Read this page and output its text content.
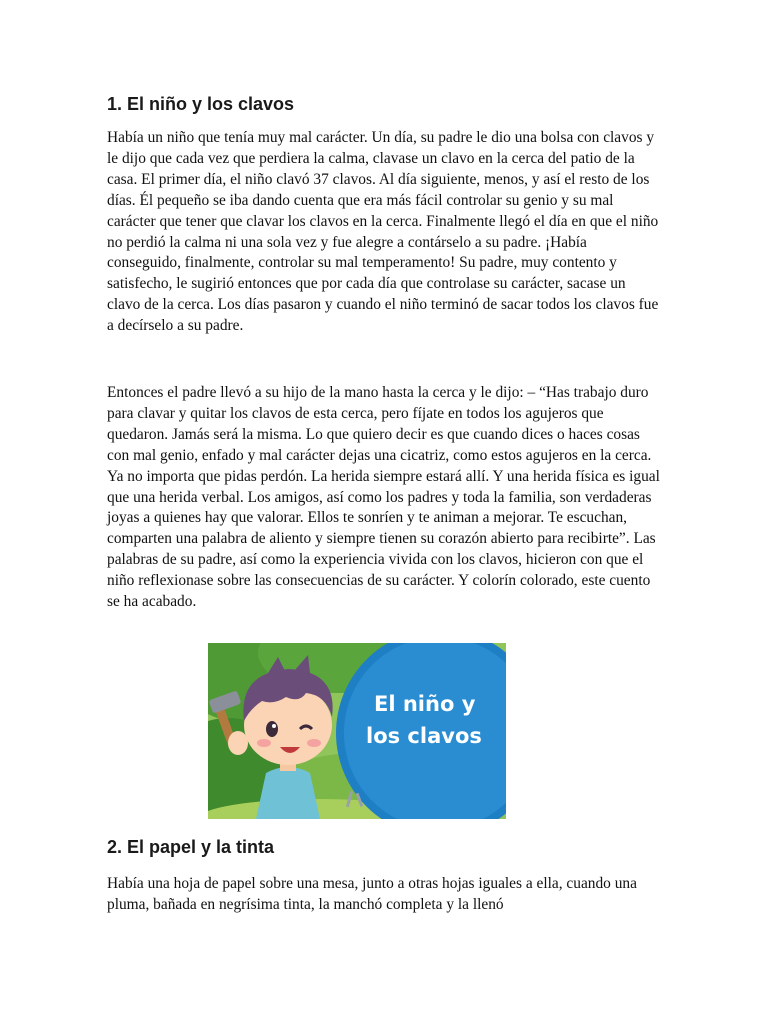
1. El niño y los clavos

Había un niño que tenía muy mal carácter. Un día, su padre le dio una bolsa con clavos y le dijo que cada vez que perdiera la calma, clavase un clavo en la cerca del patio de la casa. El primer día, el niño clavó 37 clavos. Al día siguiente, menos, y así el resto de los días. Él pequeño se iba dando cuenta que era más fácil controlar su genio y su mal carácter que tener que clavar los clavos en la cerca. Finalmente llegó el día en que el niño no perdió la calma ni una sola vez y fue alegre a contárselo a su padre. ¡Había conseguido, finalmente, controlar su mal temperamento! Su padre, muy contento y satisfecho, le sugirió entonces que por cada día que controlase su carácter, sacase un clavo de la cerca. Los días pasaron y cuando el niño terminó de sacar todos los clavos fue a decírselo a su padre.

Entonces el padre llevó a su hijo de la mano hasta la cerca y le dijo: – “Has trabajo duro para clavar y quitar los clavos de esta cerca, pero fíjate en todos los agujeros que quedaron. Jamás será la misma. Lo que quiero decir es que cuando dices o haces cosas con mal genio, enfado y mal carácter dejas una cicatriz, como estos agujeros en la cerca. Ya no importa que pidas perdón. La herida siempre estará allí. Y una herida física es igual que una herida verbal. Los amigos, así como los padres y toda la familia, son verdaderas joyas a quienes hay que valorar. Ellos te sonríen y te animan a mejorar. Te escuchan, comparten una palabra de aliento y siempre tienen su corazón abierto para recibirte”. Las palabras de su padre, así como la experiencia vivida con los clavos, hicieron con que el niño reflexionase sobre las consecuencias de su carácter. Y colorín colorado, este cuento se ha acabado.

El niño y
los clavos
2. El papel y la tinta

Había una hoja de papel sobre una mesa, junto a otras hojas iguales a ella, cuando una pluma, bañada en negrísima tinta, la manchó completa y la llenó
